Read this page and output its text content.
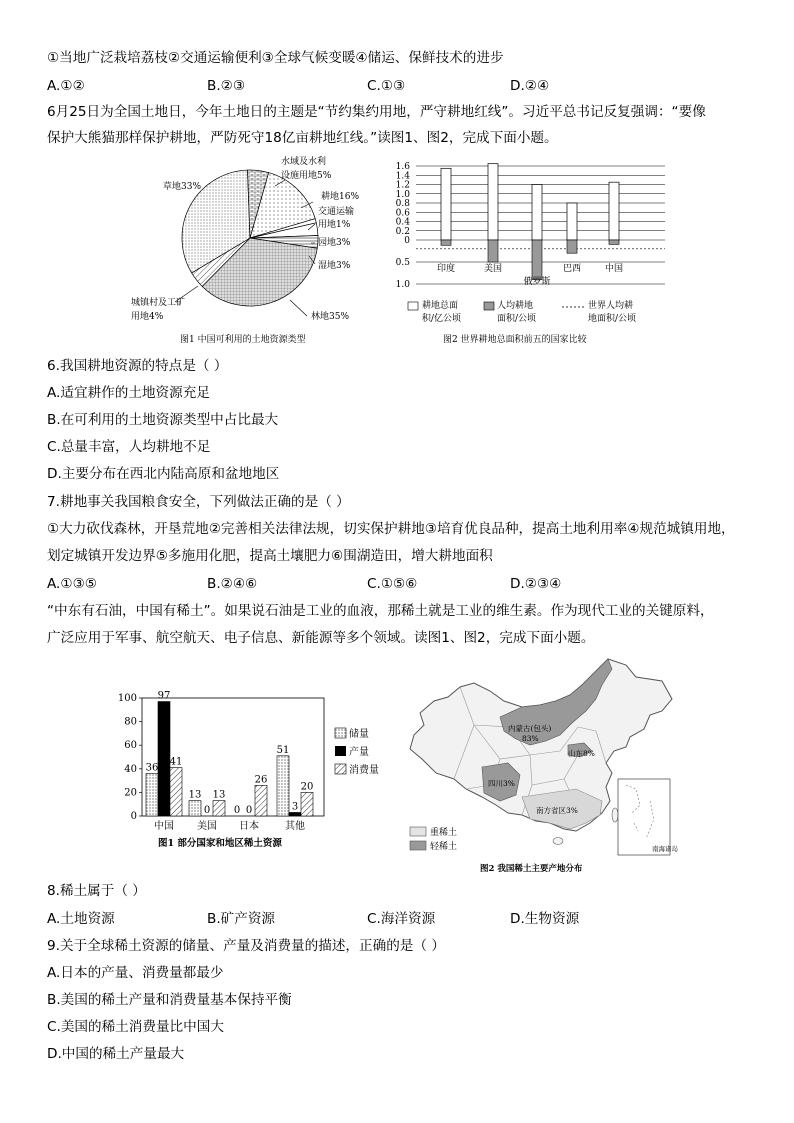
①当地广泛栽培荔枝②交通运输便利③全球气候变暖④储运、保鲜技术的进步
A.①②	B.②③	C.①③	D.②④
6月25日为全国土地日，今年土地日的主题是“节约集约用地，严守耕地红线”。习近平总书记反复强调：“要像
保护大熊猫那样保护耕地，严防死守18亿亩耕地红线。”读图1、图2，完成下面小题。
水域及水利
设施用地5%
耕地16%
交通运输
用地1%
园地3%
湿地3%
林地35%
城镇村及工矿
用地4%
草地33%
图1 中国可利用的土地资源类型
1.6
1.4
1.2
1.0
0.8
0.6
0.4
0.2
0
0.5
1.0
印度	美国	巴西	中国
俄罗斯
耕地总面
积/亿公顷
人均耕地
面积/公顷
世界人均耕
地面积/公顷
图2 世界耕地总面积前五的国家比较
6.我国耕地资源的特点是（ ）
A.适宜耕作的土地资源充足
B.在可利用的土地资源类型中占比最大
C.总量丰富，人均耕地不足
D.主要分布在西北内陆高原和盆地地区
7.耕地事关我国粮食安全，下列做法正确的是（ ）
①大力砍伐森林，开垦荒地②完善相关法律法规，切实保护耕地③培育优良品种，提高土地利用率④规范城镇用地，
划定城镇开发边界⑤多施用化肥，提高土壤肥力⑥围湖造田，增大耕地面积
A.①③⑤	B.②④⑥	C.①⑤⑥	D.②③④
“中东有石油，中国有稀土”。如果说石油是工业的血液，那稀土就是工业的维生素。作为现代工业的关键原料，
广泛应用于军事、航空航天、电子信息、新能源等多个领域。读图1、图2，完成下面小题。
0
20
40
60
80
100
36
97
41
中国
13
0
13
美国
0 0
26
日本
51
3
20
其他
储量
产量
消费量
图1 部分国家和地区稀土资源
内蒙古(包头)
83%
山东8%
四川3%
南方省区3%
南海诸岛
重稀土
轻稀土
图2 我国稀土主要产地分布
8.稀土属于（ ）
A.土地资源	B.矿产资源	C.海洋资源	D.生物资源
9.关于全球稀土资源的储量、产量及消费量的描述，正确的是（ ）
A.日本的产量、消费量都最少
B.美国的稀土产量和消费量基本保持平衡
C.美国的稀土消费量比中国大
D.中国的稀土产量最大
